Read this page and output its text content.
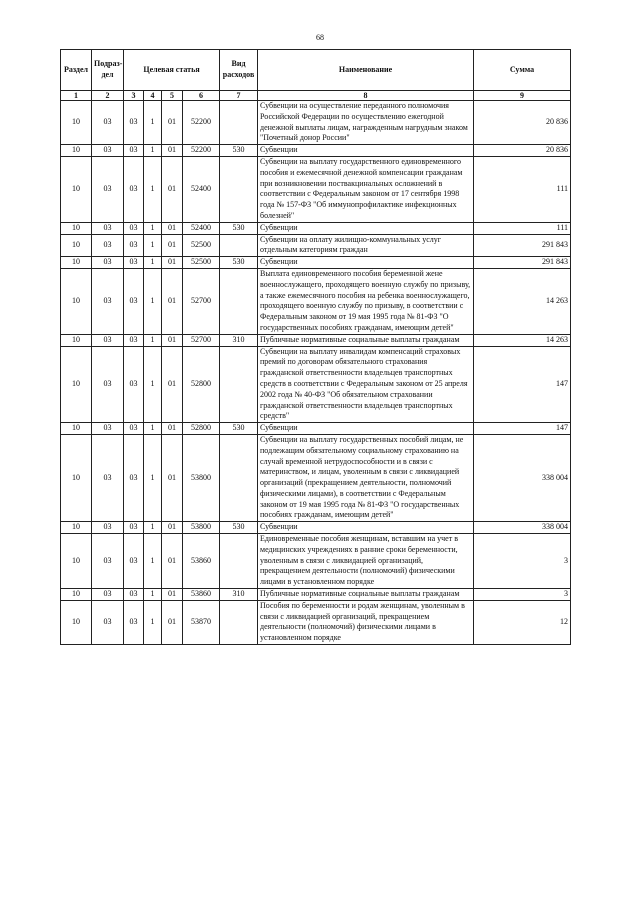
68
Раздел	Подраз-дел	Целевая статья				Вид расходов	Наименование	Сумма
1	2	3	4	5	6	7	8	9
10	03	03	1	01	52200		Субвенции на осуществление переданного полномочия Российской Федерации по осуществлению ежегодной денежной выплаты лицам, награжденным нагрудным знаком "Почетный донор России"	20 836
10	03	03	1	01	52200	530	Субвенции	20 836
10	03	03	1	01	52400		Субвенции на выплату государственного единовременного пособия и ежемесячной денежной компенсации гражданам при возникновении поствакцинальных осложнений в соответствии с Федеральным законом от 17 сентября 1998 года № 157-ФЗ "Об иммунопрофилактике инфекционных болезней"	111
10	03	03	1	01	52400	530	Субвенции	111
10	03	03	1	01	52500		Субвенции на оплату жилищно-коммунальных услуг отдельным категориям граждан	291 843
10	03	03	1	01	52500	530	Субвенции	291 843
10	03	03	1	01	52700		Выплата единовременного пособия беременной жене военнослужащего, проходящего военную службу по призыву, а также ежемесячного пособия на ребенка военнослужащего, проходящего военную службу по призыву, в соответствии с Федеральным законом от 19 мая 1995 года № 81-ФЗ "О государственных пособиях гражданам, имеющим детей"	14 263
10	03	03	1	01	52700	310	Публичные нормативные социальные выплаты гражданам	14 263
10	03	03	1	01	52800		Субвенции на выплату инвалидам компенсаций страховых премий по договорам обязательного страхования гражданской ответственности владельцев транспортных средств в соответствии с Федеральным законом от 25 апреля 2002 года № 40-ФЗ "Об обязательном страховании гражданской ответственности владельцев транспортных средств"	147
10	03	03	1	01	52800	530	Субвенции	147
10	03	03	1	01	53800		Субвенции на выплату государственных пособий лицам, не подлежащим обязательному социальному страхованию на случай временной нетрудоспособности и в связи с материнством, и лицам, уволенным в связи с ликвидацией организаций (прекращением деятельности, полномочий физическими лицами), в соответствии с Федеральным законом от 19 мая 1995 года № 81-ФЗ "О государственных пособиях гражданам, имеющим детей"	338 004
10	03	03	1	01	53800	530	Субвенции	338 004
10	03	03	1	01	53860		Единовременные пособия женщинам, вставшим на учет в медицинских учреждениях в ранние сроки беременности, уволенным в связи с ликвидацией организаций, прекращением деятельности (полномочий) физическими лицами в установленном порядке	3
10	03	03	1	01	53860	310	Публичные нормативные социальные выплаты гражданам	3
10	03	03	1	01	53870		Пособия по беременности и родам женщинам, уволенным в связи с ликвидацией организаций, прекращением деятельности (полномочий) физическими лицами в установленном порядке	12
